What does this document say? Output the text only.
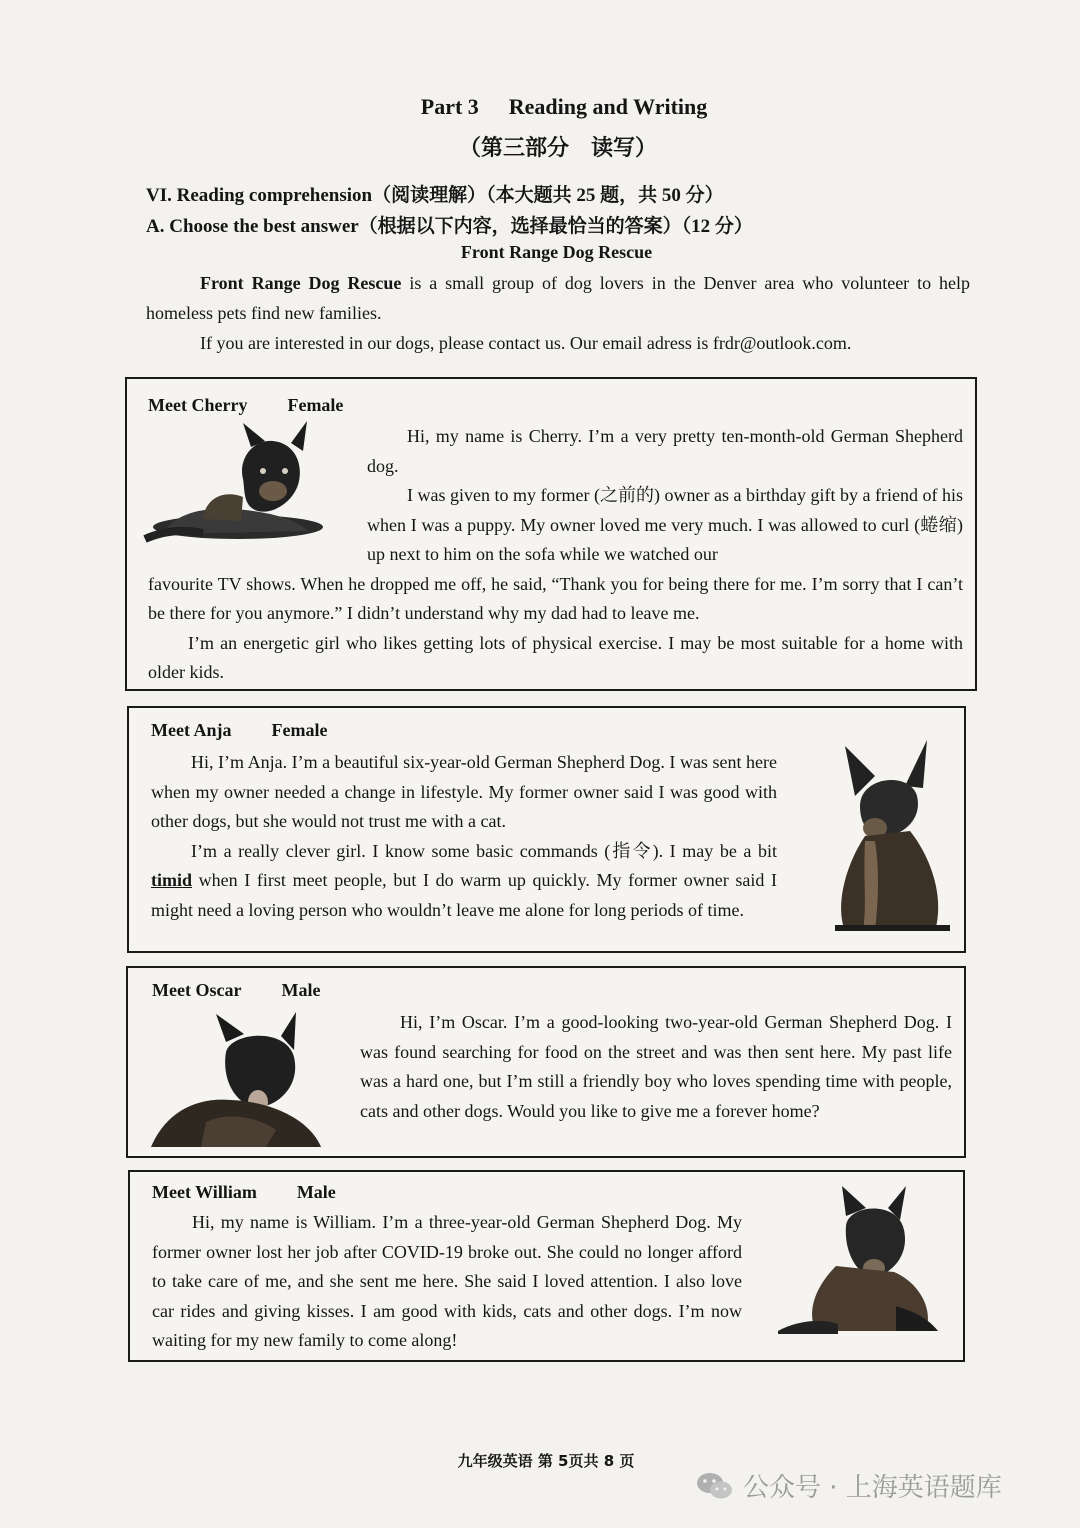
Part 3 Reading and Writing
（第三部分　读写）
VI. Reading comprehension（阅读理解）（本大题共 25 题，共 50 分）
A. Choose the best answer（根据以下内容，选择最恰当的答案）（12 分）
Front Range Dog Rescue

Front Range Dog Rescue is a small group of dog lovers in the Denver area who volunteer to help homeless pets find new families.

If you are interested in our dogs, please contact us. Our email adress is frdr@outlook.com.

Meet Cherry Female

Hi, my name is Cherry. I’m a very pretty ten-month-old German Shepherd dog.

I was given to my former (之前的) owner as a birthday gift by a friend of his when I was a puppy. My owner loved me very much. I was allowed to curl (蜷缩) up next to him on the sofa while we watched our

favourite TV shows. When he dropped me off, he said, “Thank you for being there for me. I’m sorry that I can’t be there for you anymore.” I didn’t understand why my dad had to leave me.

I’m an energetic girl who likes getting lots of physical exercise. I may be most suitable for a home with older kids.

Meet Anja Female

Hi, I’m Anja. I’m a beautiful six-year-old German Shepherd Dog. I was sent here when my owner needed a change in lifestyle. My former owner said I was good with other dogs, but she would not trust me with a cat.

I’m a really clever girl. I know some basic commands (指令). I may be a bit timid when I first meet people, but I do warm up quickly. My former owner said I might need a loving person who wouldn’t leave me alone for long periods of time.

Meet Oscar Male

Hi, I’m Oscar. I’m a good-looking two-year-old German Shepherd Dog. I was found searching for food on the street and was then sent here. My past life was a hard one, but I’m still a friendly boy who loves spending time with people, cats and other dogs. Would you like to give me a forever home?

Meet William Male

Hi, my name is William. I’m a three-year-old German Shepherd Dog. My former owner lost her job after COVID-19 broke out. She could no longer afford to take care of me, and she sent me here. She said I loved attention. I also love car rides and giving kisses. I am good with kids, cats and other dogs. I’m now waiting for my new family to come along!

九年级英语 第 5页共 8 页
公众号 · 上海英语题库
